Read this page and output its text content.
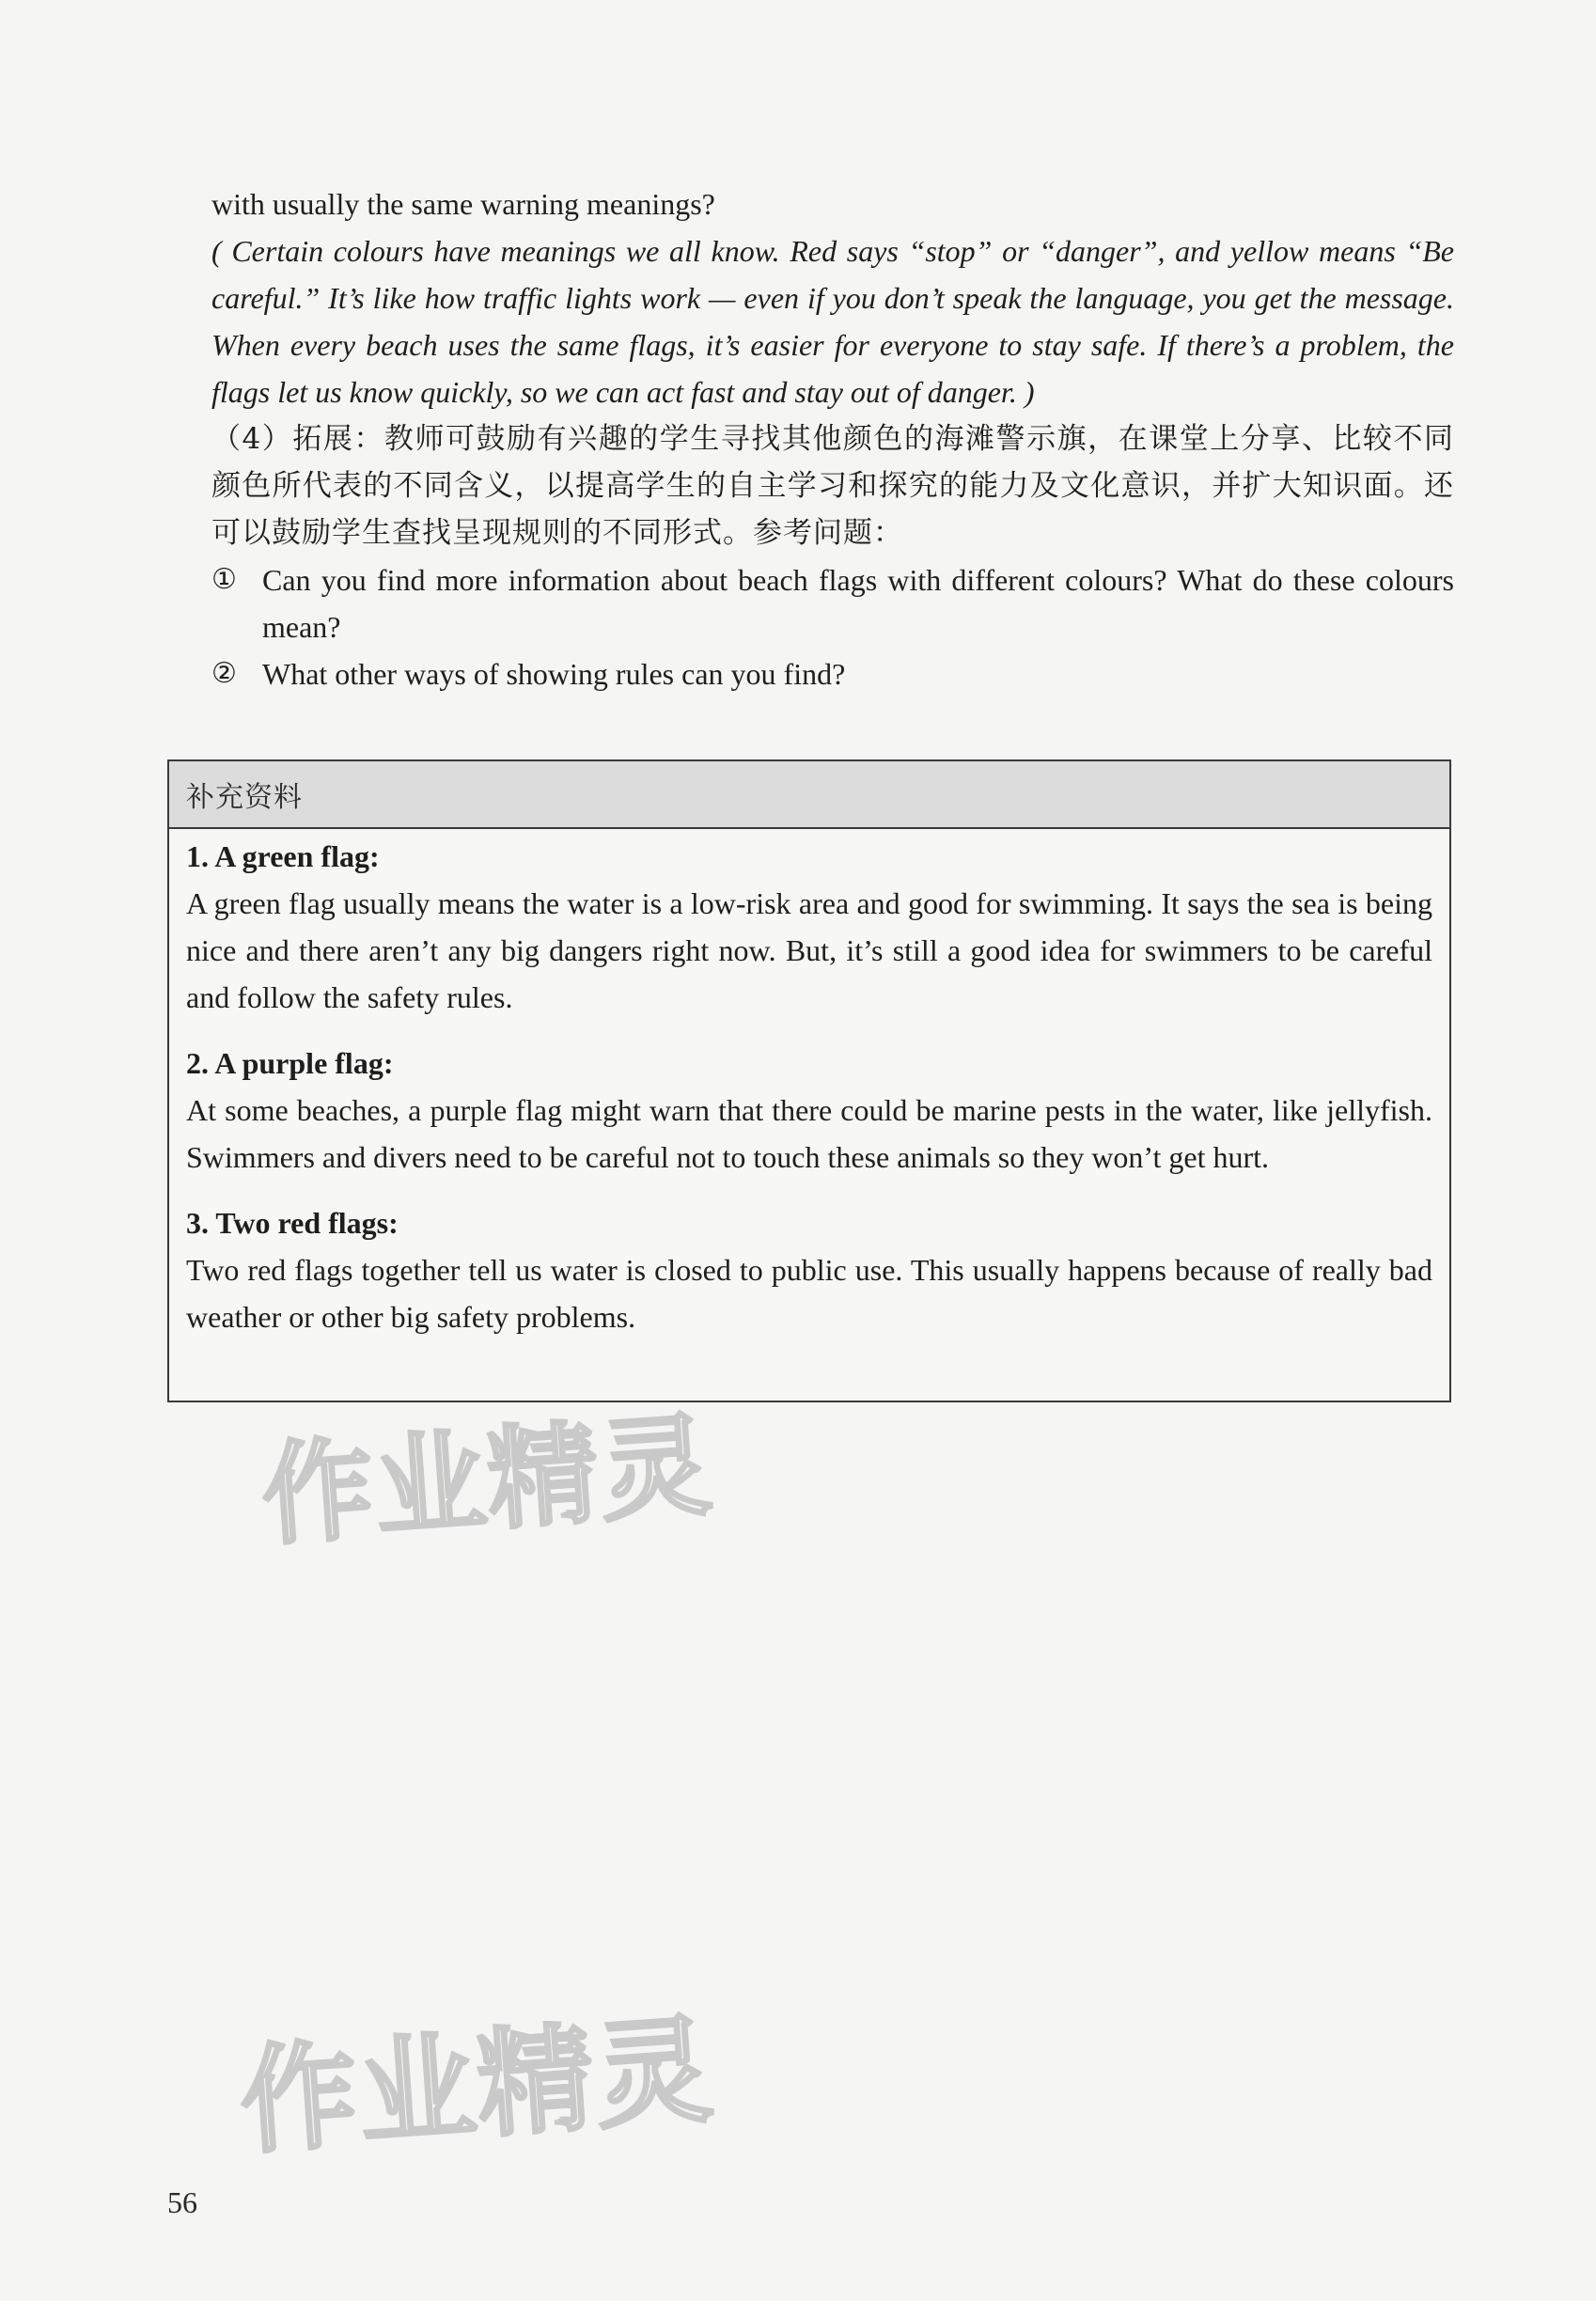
with usually the same warning meanings?

( Certain colours have meanings we all know. Red says “stop” or “danger”, and yellow means “Be careful.” It’s like how traffic lights work — even if you don’t speak the language, you get the message. When every beach uses the same flags, it’s easier for everyone to stay safe. If there’s a problem, the flags let us know quickly, so we can act fast and stay out of danger. )

（4）拓展：教师可鼓励有兴趣的学生寻找其他颜色的海滩警示旗，在课堂上分享、比较不同颜色所代表的不同含义，以提高学生的自主学习和探究的能力及文化意识，并扩大知识面。还可以鼓励学生查找呈现规则的不同形式。参考问题：

① Can you find more information about beach flags with different colours? What do these colours mean?
② What other ways of showing rules can you find?
补充资料

1. A green flag:

A green flag usually means the water is a low-risk area and good for swimming. It says the sea is being nice and there aren’t any big dangers right now. But, it’s still a good idea for swimmers to be careful and follow the safety rules.

2. A purple flag:

At some beaches, a purple flag might warn that there could be marine pests in the water, like jellyfish. Swimmers and divers need to be careful not to touch these animals so they won’t get hurt.

3. Two red flags:

Two red flags together tell us water is closed to public use. This usually happens because of really bad weather or other big safety problems.

作业精灵
作业精灵
56
